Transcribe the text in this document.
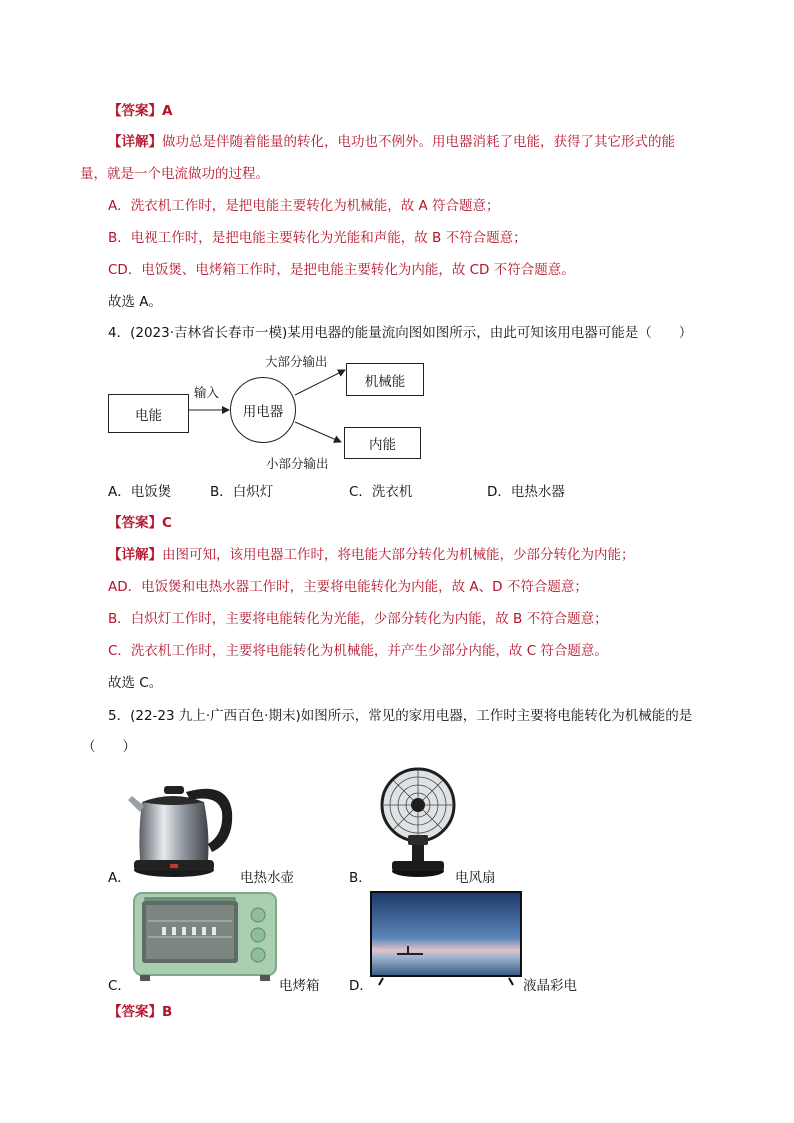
【答案】A
【详解】做功总是伴随着能量的转化，电功也不例外。用电器消耗了电能，获得了其它形式的能
量，就是一个电流做功的过程。
A．洗衣机工作时，是把电能主要转化为机械能，故 A 符合题意；
B．电视工作时，是把电能主要转化为光能和声能，故 B 不符合题意；
CD．电饭煲、电烤箱工作时，是把电能主要转化为内能，故 CD 不符合题意。
故选 A。
4．(2023·吉林省长春市一模)某用电器的能量流向图如图所示，由此可知该用电器可能是（　　）
电能
输入
用电器
大部分输出
机械能
内能
小部分输出
A．电饭煲	B．白炽灯	C．洗衣机	D．电热水器
【答案】C
【详解】由图可知，该用电器工作时，将电能大部分转化为机械能，少部分转化为内能；
AD．电饭煲和电热水器工作时，主要将电能转化为内能，故 A、D 不符合题意；
B．白炽灯工作时，主要将电能转化为光能，少部分转化为内能，故 B 不符合题意；
C．洗衣机工作时，主要将电能转化为机械能，并产生少部分内能，故 C 符合题意。
故选 C。
5．(22-23 九上·广西百色·期末)如图所示，常见的家用电器，工作时主要将电能转化为机械能的是
（　　）
A．	电热水壶	B．	电风扇
C．	电烤箱 D．	液晶彩电
【答案】B
